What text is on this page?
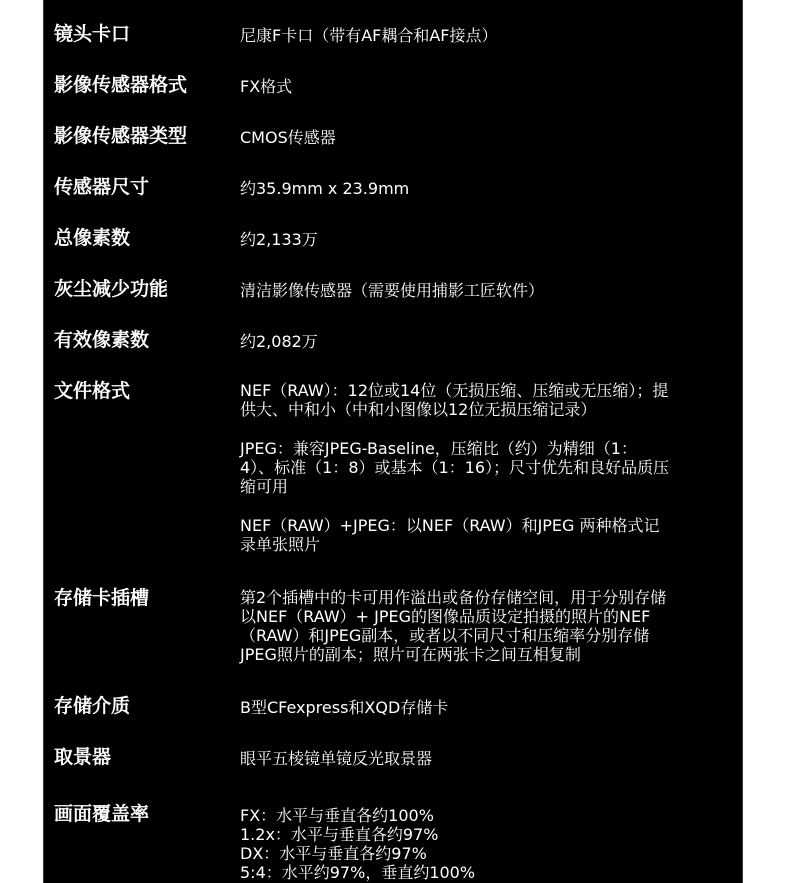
镜头卡口	尼康F卡口（带有AF耦合和AF接点）
影像传感器格式	FX格式
影像传感器类型	CMOS传感器
传感器尺寸	约35.9mm x 23.9mm
总像素数	约2,133万
灰尘减少功能	清洁影像传感器（需要使用捕影工匠软件）
有效像素数	约2,082万
文件格式	NEF（RAW）：12位或14位（无损压缩、压缩或无压缩）；提供大、中和小（中和小图像以12位无损压缩记录）

JPEG：兼容JPEG-Baseline，压缩比（约）为精细（1：4）、标准（1：8）或基本（1：16）；尺寸优先和良好品质压缩可用

NEF（RAW）+JPEG：以NEF（RAW）和JPEG 两种格式记录单张照片

存储卡插槽	第2个插槽中的卡可用作溢出或备份存储空间，用于分别存储以NEF（RAW）+ JPEG的图像品质设定拍摄的照片的NEF（RAW）和JPEG副本，或者以不同尺寸和压缩率分别存储JPEG照片的副本；照片可在两张卡之间互相复制
存储介质	B型CFexpress和XQD存储卡
取景器	眼平五棱镜单镜反光取景器
画面覆盖率	FX：水平与垂直各约100%
1.2x：水平与垂直各约97%
DX：水平与垂直各约97%
5:4：水平约97%，垂直约100%
